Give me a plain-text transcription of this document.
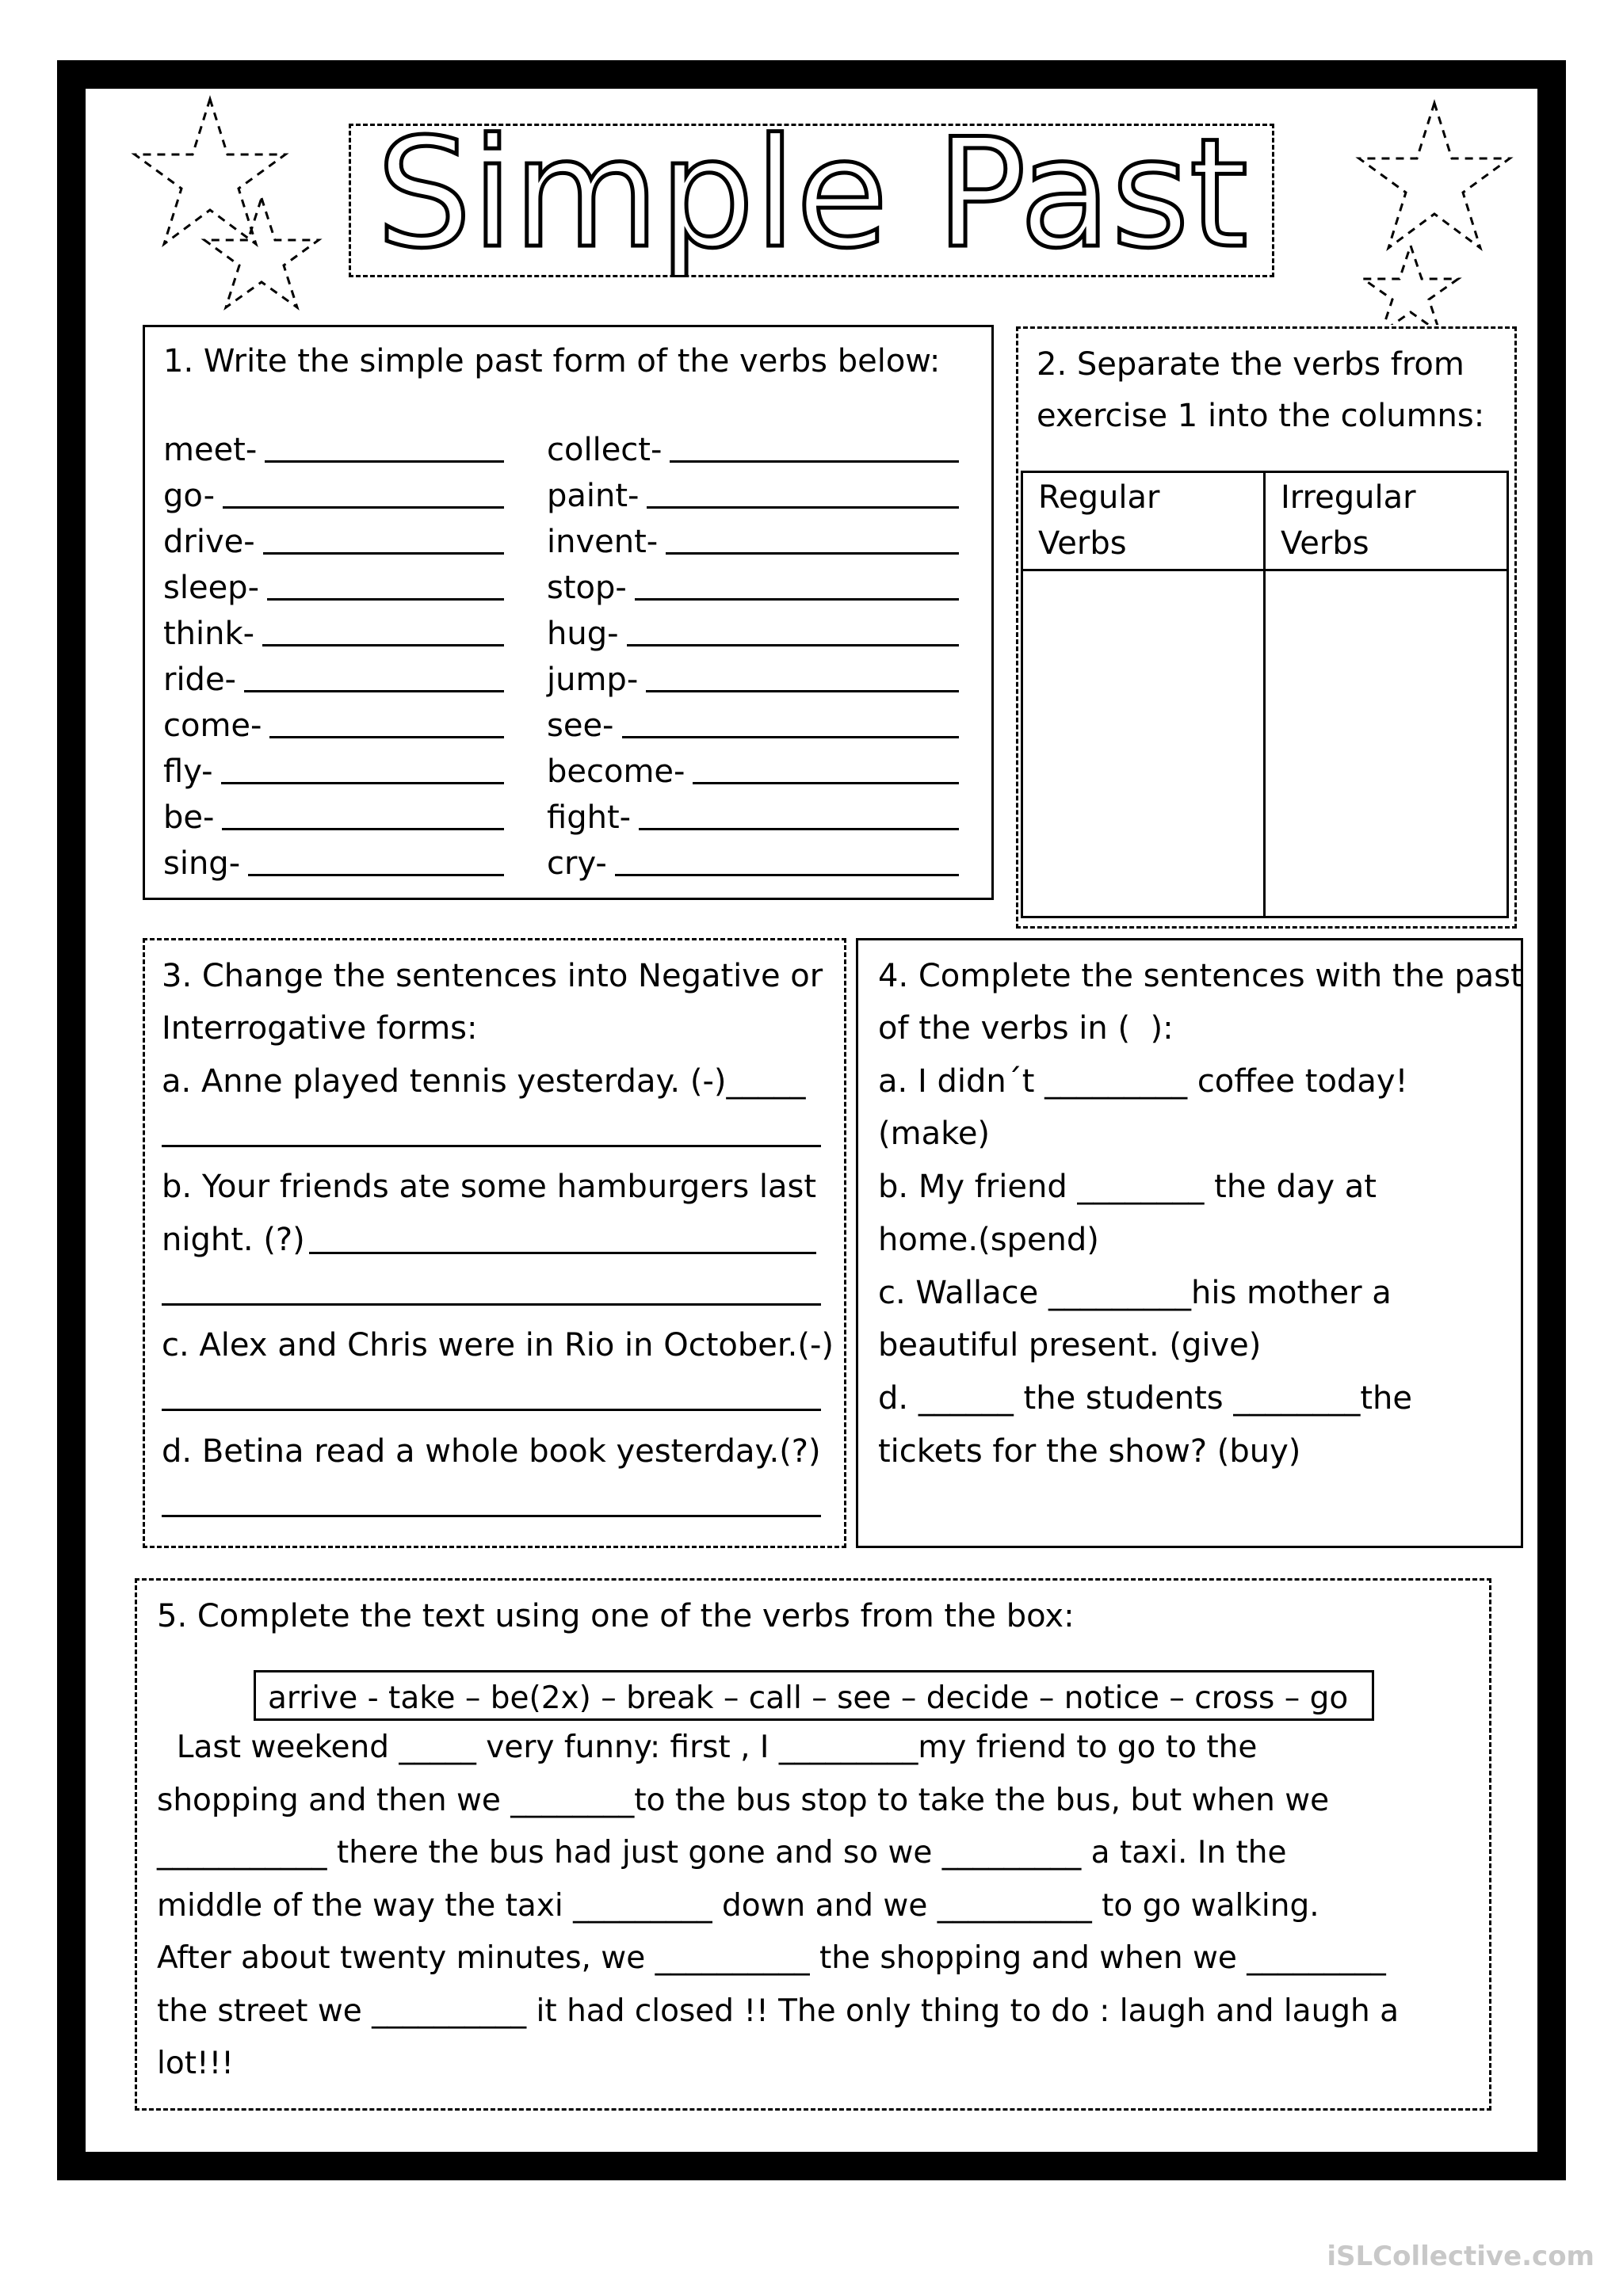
Simple Past
1. Write the simple past form of the verbs below:
meet-
go-
drive-
sleep-
think-
ride-
come-
fly-
be-
sing-
collect-
paint-
invent-
stop-
hug-
jump-
see-
become-
fight-
cry-
2. Separate the verbs from
exercise 1 into the columns:
Regular
Verbs
Irregular
Verbs
3. Change the sentences into Negative or
Interrogative forms:
a. Anne played tennis yesterday. (-)_____
b. Your friends ate some hamburgers last
night. (?)
c. Alex and Chris were in Rio in October.(-)
d. Betina read a whole book yesterday.(?)
4. Complete the sentences with the past
of the verbs in (  ):
a. I didn´t _________ coffee today!
(make)
b. My friend ________ the day at
home.(spend)
c. Wallace _________his mother a
beautiful present. (give)
d. ______ the students ________the
tickets for the show? (buy)
5. Complete the text using one of the verbs from the box:
arrive - take – be(2x) – break – call – see – decide – notice – cross – go
Last weekend _____ very funny: first , I _________my friend to go to the
shopping and then we ________to the bus stop to take the bus, but when we
___________ there the bus had just gone and so we _________ a taxi. In the
middle of the way the taxi _________ down and we __________ to go walking.
After about twenty minutes, we __________ the shopping and when we _________
the street we __________ it had closed !! The only thing to do : laugh and laugh a
lot!!!
iSLCollective.com
